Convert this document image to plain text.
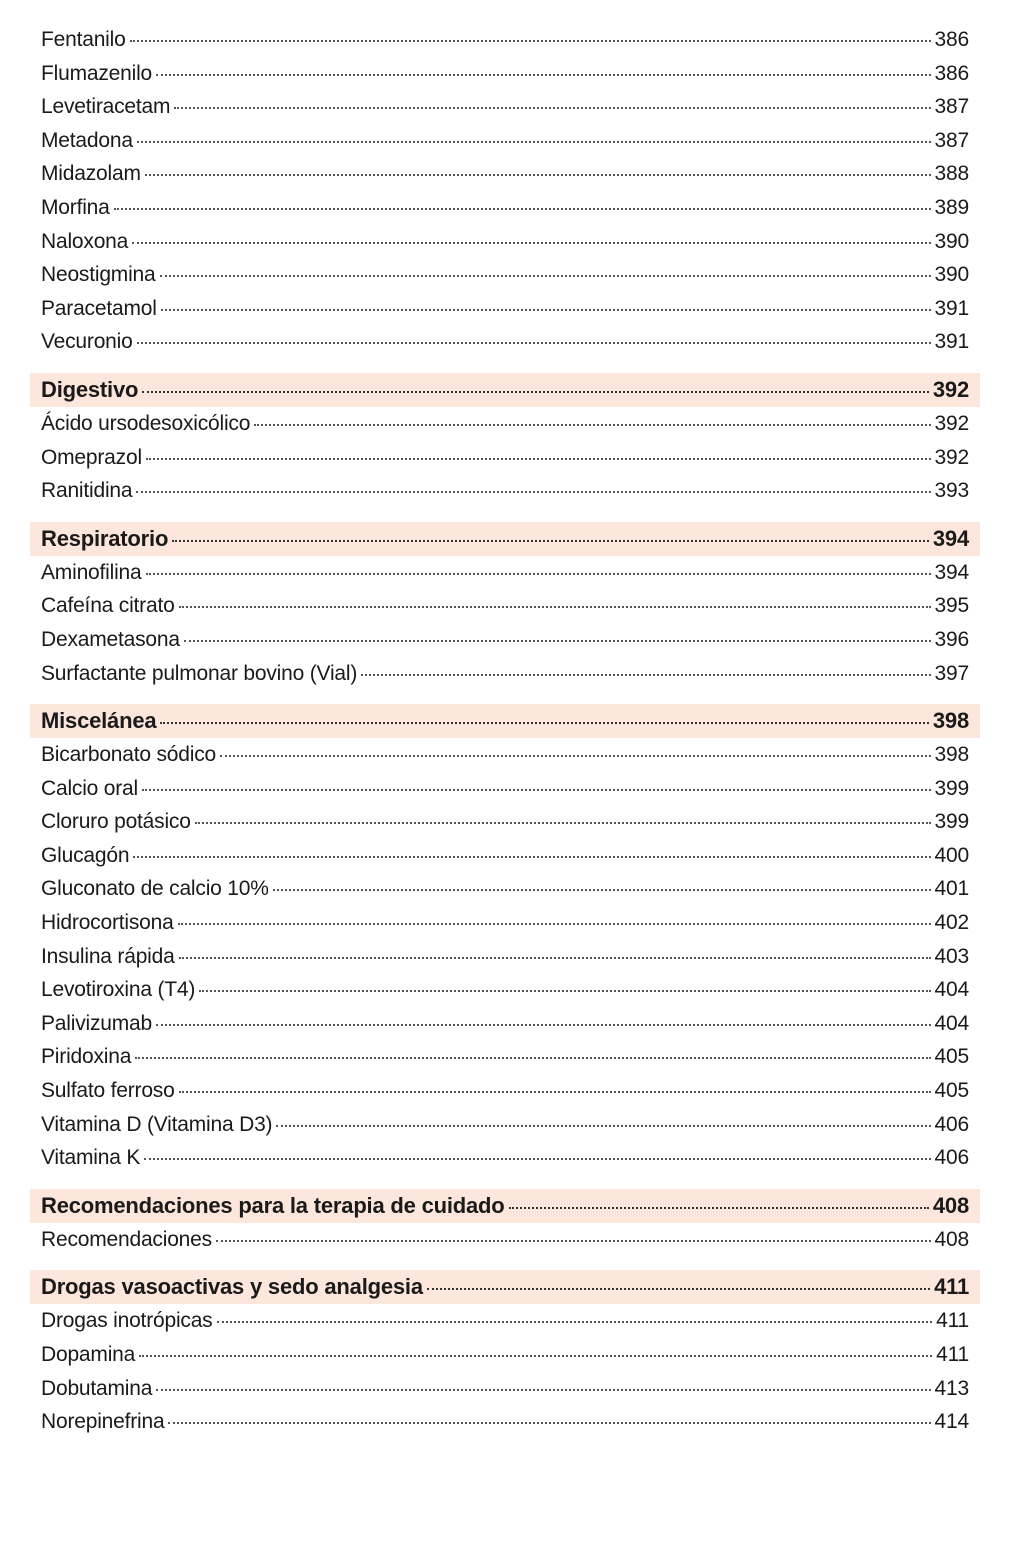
Fentanilo	386
Flumazenilo	386
Levetiracetam	387
Metadona	387
Midazolam	388
Morfina	389
Naloxona	390
Neostigmina	390
Paracetamol	391
Vecuronio	391
Digestivo	392
Ácido ursodesoxicólico	392
Omeprazol	392
Ranitidina	393
Respiratorio	394
Aminofilina	394
Cafeína citrato	395
Dexametasona	396
Surfactante pulmonar bovino (Vial)	397
Miscelánea	398
Bicarbonato sódico	398
Calcio oral	399
Cloruro potásico	399
Glucagón	400
Gluconato de calcio 10%	401
Hidrocortisona	402
Insulina rápida	403
Levotiroxina (T4)	404
Palivizumab	404
Piridoxina	405
Sulfato ferroso	405
Vitamina D (Vitamina D3)	406
Vitamina K	406
Recomendaciones para la terapia de cuidado	408
Recomendaciones	408
Drogas vasoactivas y sedo analgesia	411
Drogas inotrópicas	411
Dopamina	411
Dobutamina	413
Norepinefrina	414
